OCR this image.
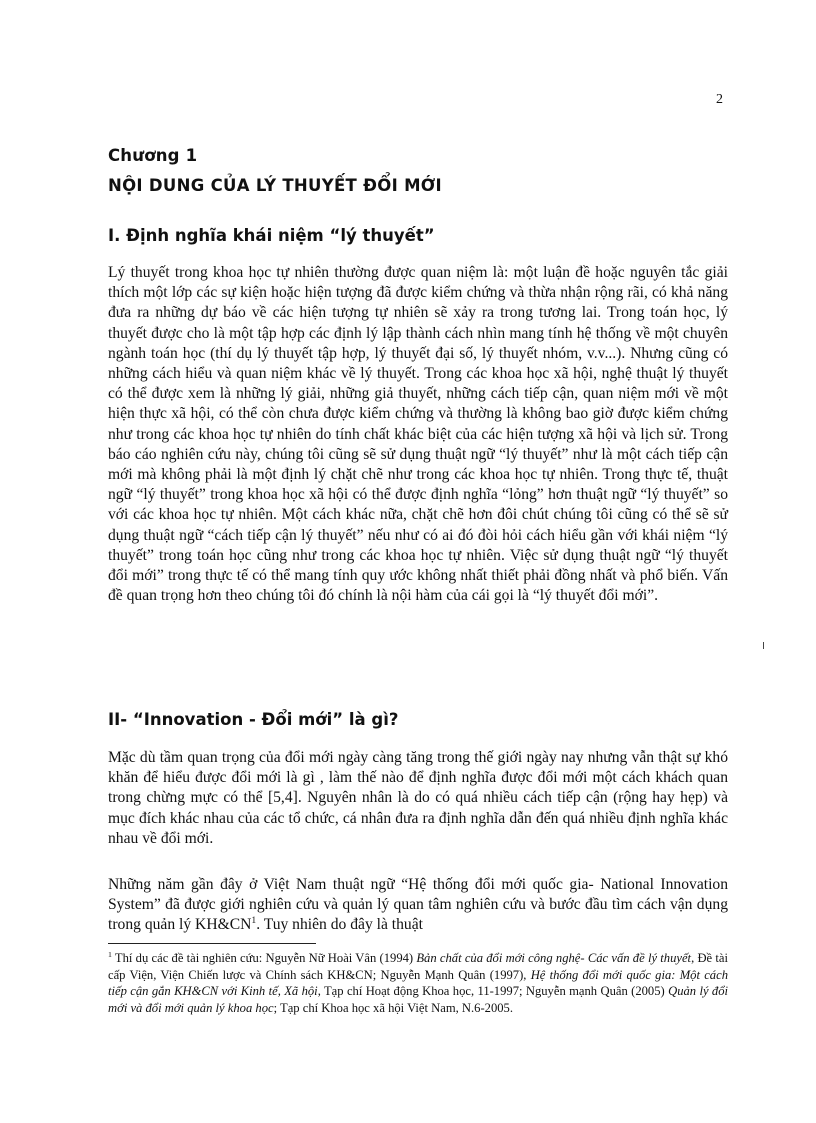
2
Chương 1
NỘI DUNG CỦA LÝ THUYẾT ĐỔI MỚI
I. Định nghĩa khái niệm “lý thuyết”

Lý thuyết trong khoa học tự nhiên thường được quan niệm là: một luận đề hoặc nguyên tắc giải thích một lớp các sự kiện hoặc hiện tượng đã được kiểm chứng và thừa nhận rộng rãi, có khả năng đưa ra những dự báo về các hiện tượng tự nhiên sẽ xảy ra trong tương lai. Trong toán học, lý thuyết được cho là một tập hợp các định lý lập thành cách nhìn mang tính hệ thống về một chuyên ngành toán học (thí dụ lý thuyết tập hợp, lý thuyết đại số, lý thuyết nhóm, v.v...). Nhưng cũng có những cách hiểu và quan niệm khác về lý thuyết. Trong các khoa học xã hội, nghệ thuật lý thuyết có thể được xem là những lý giải, những giả thuyết, những cách tiếp cận, quan niệm mới về một hiện thực xã hội, có thể còn chưa được kiểm chứng và thường là không bao giờ được kiểm chứng như trong các khoa học tự nhiên do tính chất khác biệt của các hiện tượng xã hội và lịch sử. Trong báo cáo nghiên cứu này, chúng tôi cũng sẽ sử dụng thuật ngữ “lý thuyết” như là một cách tiếp cận mới mà không phải là một định lý chặt chẽ như trong các khoa học tự nhiên. Trong thực tế, thuật ngữ “lý thuyết” trong khoa học xã hội có thể được định nghĩa “lỏng” hơn thuật ngữ “lý thuyết” so với các khoa học tự nhiên. Một cách khác nữa, chặt chẽ hơn đôi chút chúng tôi cũng có thể sẽ sử dụng thuật ngữ “cách tiếp cận lý thuyết” nếu như có ai đó đòi hỏi cách hiểu gần với khái niệm “lý thuyết” trong toán học cũng như trong các khoa học tự nhiên. Việc sử dụng thuật ngữ “lý thuyết đổi mới” trong thực tế có thể mang tính quy ước không nhất thiết phải đồng nhất và phổ biến. Vấn đề quan trọng hơn theo chúng tôi đó chính là nội hàm của cái gọi là “lý thuyết đổi mới”.

II- “Innovation - Đổi mới” là gì?

Mặc dù tầm quan trọng của đổi mới ngày càng tăng trong thế giới ngày nay nhưng vẫn thật sự khó khăn để hiểu được đổi mới là gì , làm thế nào để định nghĩa được đổi mới một cách khách quan trong chừng mực có thể [5,4]. Nguyên nhân là do có quá nhiều cách tiếp cận (rộng hay hẹp) và mục đích khác nhau của các tổ chức, cá nhân đưa ra định nghĩa dẫn đến quá nhiều định nghĩa khác nhau về đổi mới.

Những năm gần đây ở Việt Nam thuật ngữ “Hệ thống đổi mới quốc gia- National Innovation System” đã được giới nghiên cứu và quản lý quan tâm nghiên cứu và bước đầu tìm cách vận dụng trong quản lý $KH\&CN^1$. Tuy nhiên do đây là thuật

$^1$ Thí dụ các đề tài nghiên cứu: Nguyễn Nữ Hoài Vân (1994) Bản chất của đổi mới công nghệ- Các vấn đề lý thuyết, Đề tài cấp Viện, Viện Chiến lược và Chính sách KH&CN; Nguyễn Mạnh Quân (1997), Hệ thống đổi mới quốc gia: Một cách tiếp cận gắn KH&CN với Kinh tế, Xã hội, Tạp chí Hoạt động Khoa học, 11-1997; Nguyễn mạnh Quân (2005) Quản lý đổi mới và đổi mới quản lý khoa học; Tạp chí Khoa học xã hội Việt Nam, N.6-2005.
